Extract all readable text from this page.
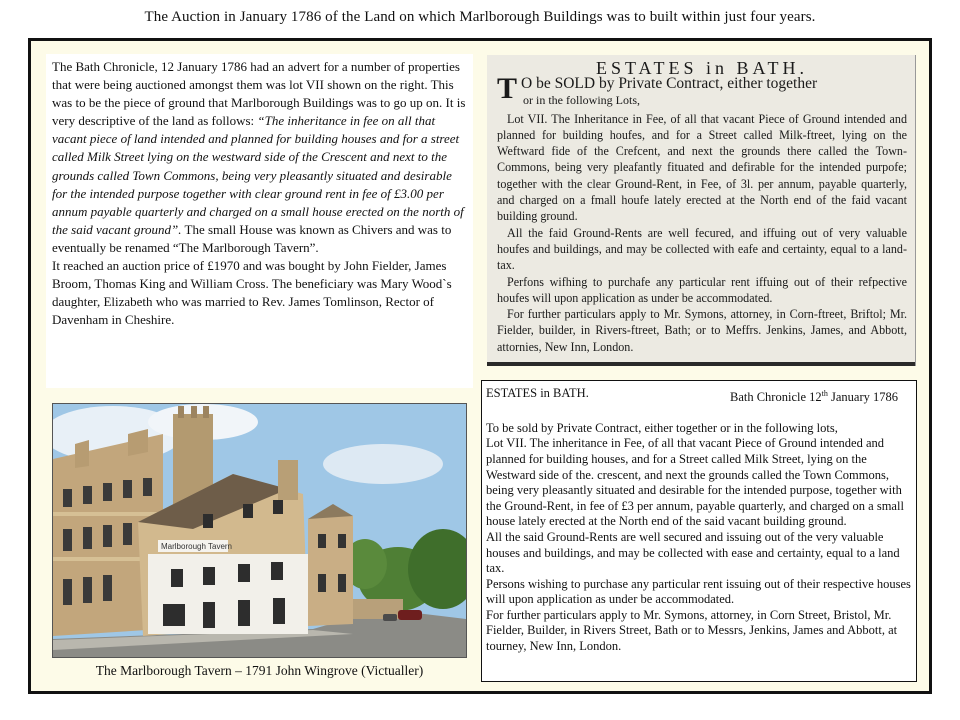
The Auction in January 1786 of the Land on which Marlborough Buildings was to built within just four years.

The Bath Chronicle, 12 January 1786 had an advert for a number of properties that were being auctioned amongst them was lot VII shown on the right. This was to be the piece of ground that Marlborough Buildings was to go up on. It is very descriptive of the land as follows: “The inheritance in fee on all that vacant piece of land intended and planned for building houses and for a street called Milk Street lying on the westward side of the Crescent and next to the grounds called Town Commons, being very pleasantly situated and desirable for the intended purpose together with clear ground rent in fee of £3.00 per annum payable quarterly and charged on a small house erected on the north of the said vacant ground”. The small House was known as Chivers and was to eventually be renamed “The Marlborough Tavern”.

It reached an auction price of £1970 and was bought by John Fielder, James Broom, Thomas King and William Cross. The beneficiary was Mary Wood`s daughter, Elizabeth who was married to Rev. James Tomlinson, Rector of Davenham in Cheshire.

ESTATES in BATH.

T O be SOLD by Private Contract, either together

or in the following Lots,

Lot VII. The Inheritance in Fee, of all that vacant Piece of Ground intended and planned for building houfes, and for a Street called Milk-ftreet, lying on the Weftward fide of the Crefcent, and next the grounds there called the Town-Commons, being very pleafantly fituated and defirable for the intended purpofe; together with the clear Ground-Rent, in Fee, of 3l. per annum, payable quarterly, and charged on a fmall houfe lately erected at the North end of the faid vacant building ground.

All the faid Ground-Rents are well fecured, and iffuing out of very valuable houfes and buildings, and may be collected with eafe and certainty, equal to a land-tax.

Perfons wifhing to purchafe any particular rent iffuing out of their refpective houfes will upon application as under be accommodated.

For further particulars apply to Mr. Symons, attorney, in Corn-ftreet, Briftol; Mr. Fielder, builder, in Rivers-ftreet, Bath; or to Meffrs. Jenkins, James, and Abbott, attornies, New Inn, London.

ESTATES in BATH.	Bath Chronicle 12th January 1786

To be sold by Private Contract, either together or in the following lots,

Lot VII. The inheritance in Fee, of all that vacant Piece of Ground intended and planned for building houses, and for a Street called Milk Street, lying on the Westward side of the. crescent, and next the grounds called the Town Commons, being very pleasantly situated and desirable for the intended purpose, together with the Ground-Rent, in fee of £3 per annum, payable quarterly, and charged on a small house lately erected at the North end of the said vacant building ground.

All the said Ground-Rents are well secured and issuing out of the very valuable houses and buildings, and may be collected with ease and certainty, equal to a land tax.

Persons wishing to purchase any particular rent issuing out of their respective houses will upon application as under be accommodated.

For further particulars apply to Mr. Symons, attorney, in Corn Street, Bristol, Mr. Fielder, Builder, in Rivers Street, Bath or to Messrs, Jenkins, James and Abbott, at tourney, New Inn, London.

Marlborough Tavern
The Marlborough Tavern – 1791 John Wingrove (Victualler)
